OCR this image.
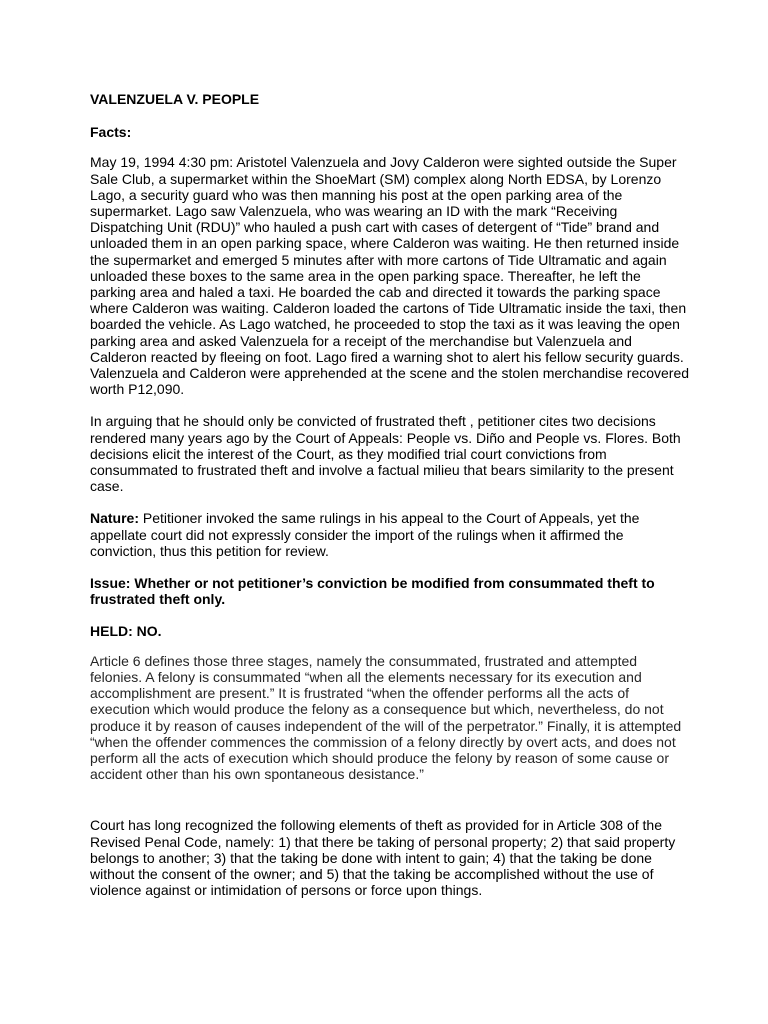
VALENZUELA V. PEOPLE

Facts:

May 19, 1994 4:30 pm: Aristotel Valenzuela and Jovy Calderon were sighted outside the Super Sale Club, a supermarket within the ShoeMart (SM) complex along North EDSA, by Lorenzo Lago, a security guard who was then manning his post at the open parking area of the supermarket. Lago saw Valenzuela, who was wearing an ID with the mark “Receiving Dispatching Unit (RDU)” who hauled a push cart with cases of detergent of “Tide” brand and unloaded them in an open parking space, where Calderon was waiting. He then returned inside the supermarket and emerged 5 minutes after with more cartons of Tide Ultramatic and again unloaded these boxes to the same area in the open parking space. Thereafter, he left the parking area and haled a taxi. He boarded the cab and directed it towards the parking space where Calderon was waiting. Calderon loaded the cartons of Tide Ultramatic inside the taxi, then boarded the vehicle. As Lago watched, he proceeded to stop the taxi as it was leaving the open parking area and asked Valenzuela for a receipt of the merchandise but Valenzuela and Calderon reacted by fleeing on foot. Lago fired a warning shot to alert his fellow security guards. Valenzuela and Calderon were apprehended at the scene and the stolen merchandise recovered worth P12,090.

In arguing that he should only be convicted of frustrated theft , petitioner cites two decisions rendered many years ago by the Court of Appeals: People vs. Diño and People vs. Flores. Both decisions elicit the interest of the Court, as they modified trial court convictions from consummated to frustrated theft and involve a factual milieu that bears similarity to the present case.

Nature: Petitioner invoked the same rulings in his appeal to the Court of Appeals, yet the appellate court did not expressly consider the import of the rulings when it affirmed the conviction, thus this petition for review.

Issue: Whether or not petitioner’s conviction be modified from consummated theft to frustrated theft only.

HELD: NO.

Article 6 defines those three stages, namely the consummated, frustrated and attempted felonies. A felony is consummated “when all the elements necessary for its execution and accomplishment are present.” It is frustrated “when the offender performs all the acts of execution which would produce the felony as a consequence but which, nevertheless, do not produce it by reason of causes independent of the will of the perpetrator.” Finally, it is attempted “when the offender commences the commission of a felony directly by overt acts, and does not perform all the acts of execution which should produce the felony by reason of some cause or accident other than his own spontaneous desistance.”

Court has long recognized the following elements of theft as provided for in Article 308 of the Revised Penal Code, namely: 1) that there be taking of personal property; 2) that said property belongs to another; 3) that the taking be done with intent to gain; 4) that the taking be done without the consent of the owner; and 5) that the taking be accomplished without the use of violence against or intimidation of persons or force upon things.
